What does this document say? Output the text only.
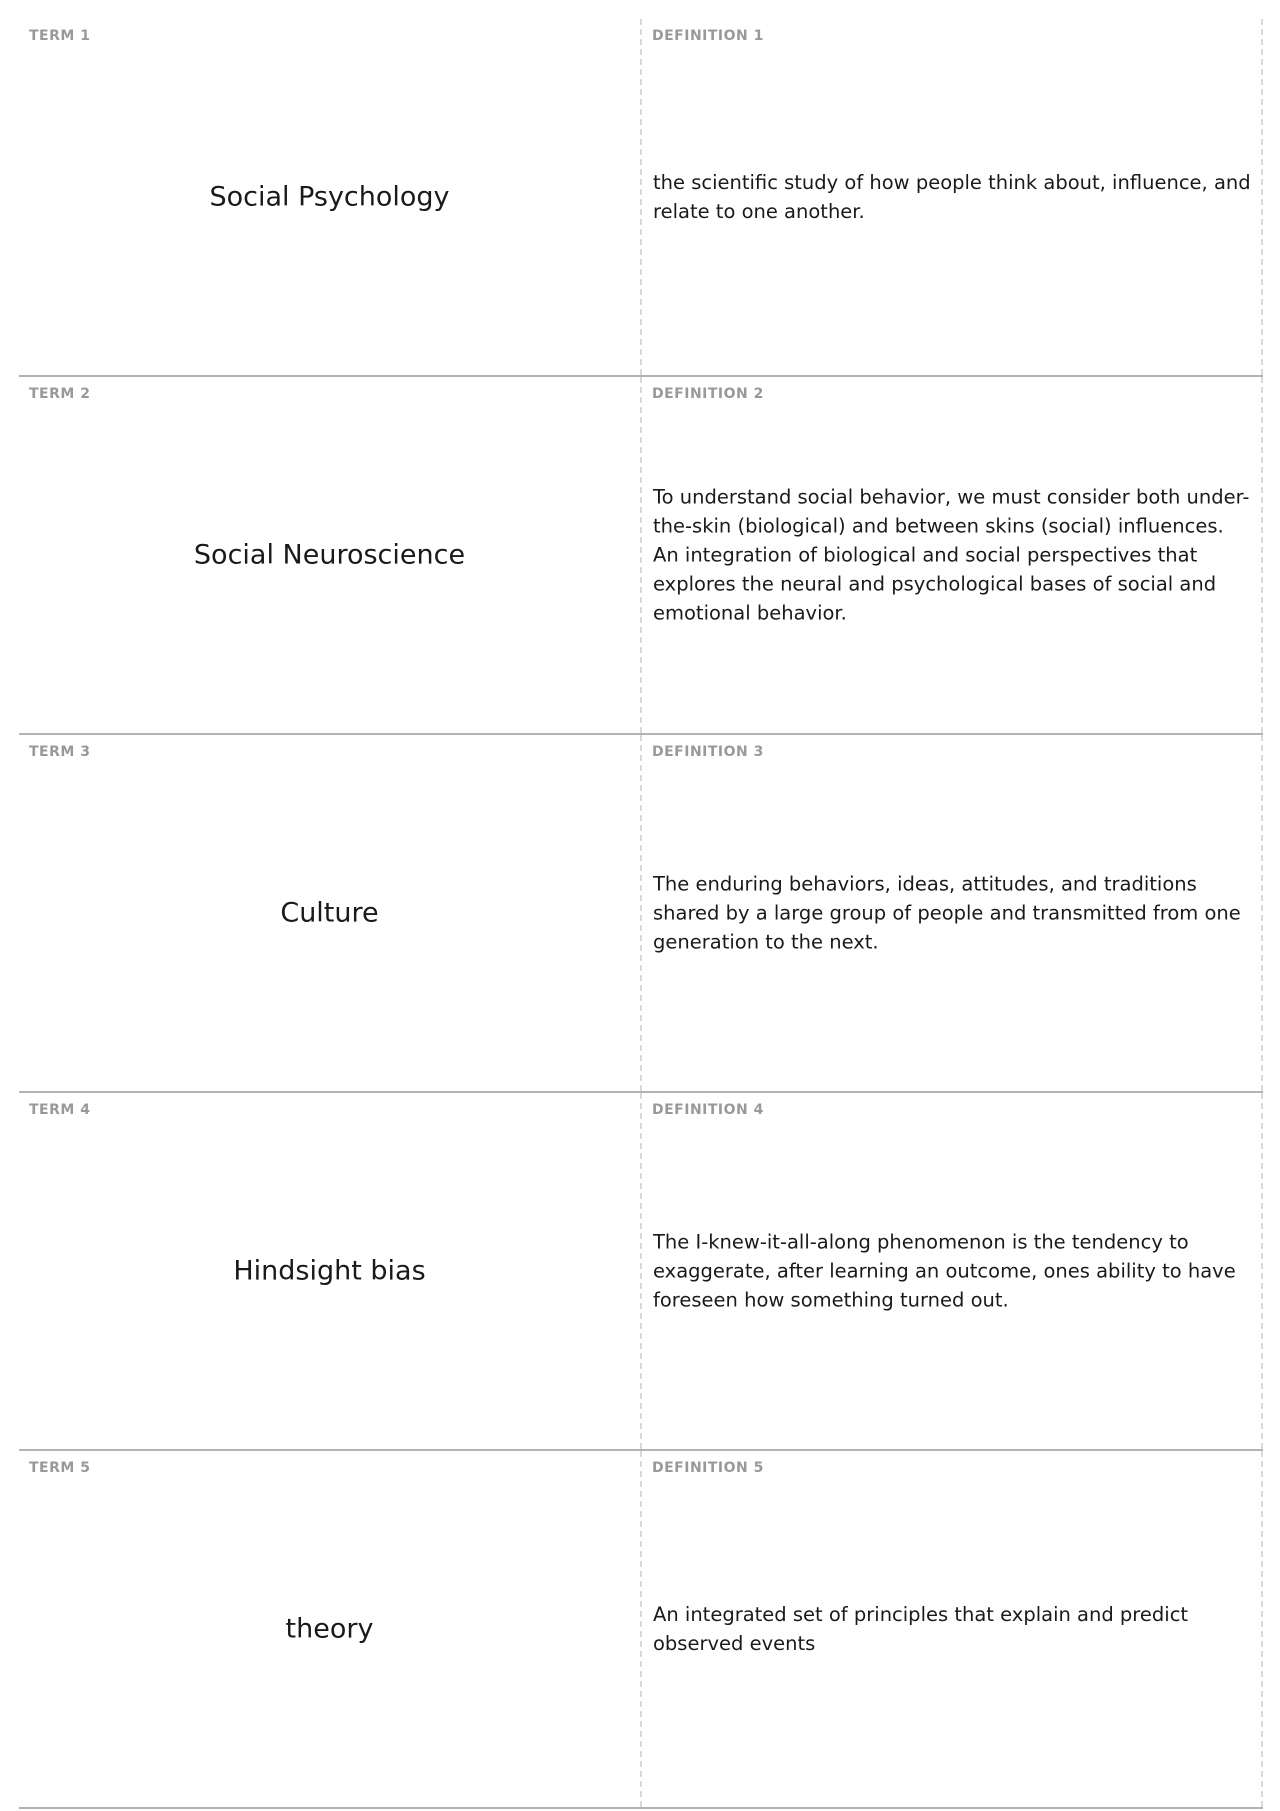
TERM 1
Social Psychology
DEFINITION 1
the scientific study of how people think about, influence, and relate to one another.
TERM 2
Social Neuroscience
DEFINITION 2
To understand social behavior, we must consider both under-the-skin (biological) and between skins (social) influences. An integration of biological and social perspectives that explores the neural and psychological bases of social and emotional behavior.
TERM 3
Culture
DEFINITION 3
The enduring behaviors, ideas, attitudes, and traditions shared by a large group of people and transmitted from one generation to the next.
TERM 4
Hindsight bias
DEFINITION 4
The I-knew-it-all-along phenomenon is the tendency to exaggerate, after learning an outcome, ones ability to have foreseen how something turned out.
TERM 5
theory
DEFINITION 5
An integrated set of principles that explain and predict observed events
